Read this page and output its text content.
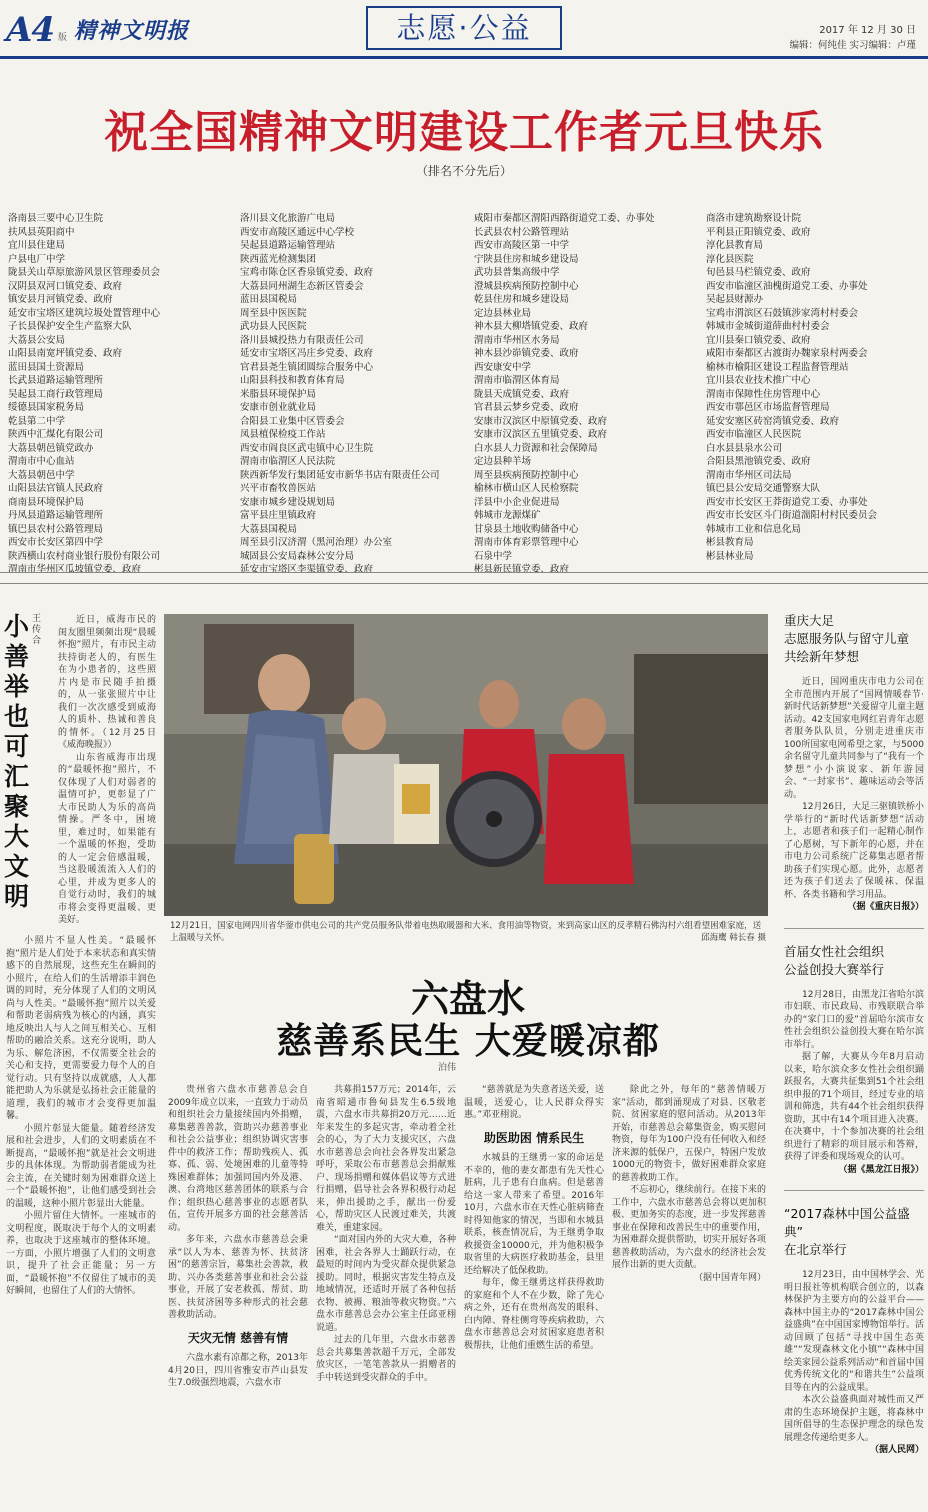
A4 版 精神文明报	志愿·公益	2017 年 12 月 30 日
编辑：何纯佳 实习编辑：卢瑾
祝全国精神文明建设工作者元旦快乐
（排名不分先后）
洛南县三要中心卫生院
扶风县英阳商中
宜川县住建局
户县电厂中学
陇县关山草原旅游风景区管理委员会
汉阴县双河口镇党委、政府
镇安县月河镇党委、政府
延安市宝塔区建筑垃圾处置管理中心
子长县保护安全生产监察大队
大荔县公安局
山阳县南宽坪镇党委、政府
蓝田县国土资源局
长武县道路运输管理所
吴起县工商行政管理局
绥德县国家税务局
乾县第二中学
陕西中汇煤化有限公司
大荔县朝邑镇党政办
渭南市中心血站
大荔县朝邑中学
山阳县法官镇人民政府
商南县环境保护局
丹凤县道路运输管理所
镇巴县农村公路管理局
西安市长安区第四中学
陕西横山农村商业银行股份有限公司
渭南市华州区瓜坡镇党委、政府
洛川县文化旅游广电局
西安市高陵区通远中心学校
吴起县道路运输管理站
陕西蓝光检测集团
宝鸡市陈仓区香泉镇党委、政府
大荔县同州湖生态新区管委会
蓝田县国税局
周至县中医医院
武功县人民医院
洛川县城投热力有限责任公司
延安市宝塔区冯庄乡党委、政府
官君县尧生镇团圆综合服务中心
山阳县科技和教育体育局
米脂县环境保护局
安康市创业就业局
合阳县工业集中区管委会
凤县植保检疫工作站
西安市阎良区武屯镇中心卫生院
渭南市临渭区人民法院
陕西新华发行集团延安市新华书店有限责任公司
兴平市畜牧兽医站
安康市城乡建设规划局
富平县庄里镇政府
大荔县国税局
周至县引汉济渭（黑河治理）办公室
城固县公安局森林公安分局
延安市宝塔区李渠镇党委、政府
咸阳市秦都区渭阳西路街道党工委、办事处
长武县农村公路管理站
西安市高陵区第一中学
宁陕县住房和城乡建设局
武功县普集高级中学
澄城县疾病预防控制中心
乾县住房和城乡建设局
定边县林业局
神木县大柳塔镇党委、政府
渭南市华州区水务局
神木县沙峁镇党委、政府
西安康安中学
渭南市临渭区体育局
陇县天成镇党委、政府
官君县云梦乡党委、政府
安康市汉滨区中原镇党委、政府
安康市汉滨区五里镇党委、政府
白水县人力资源和社会保障局
定边县种羊场
周至县疾病预防控制中心
榆林市横山区人民检察院
洋县中小企业促进局
韩城市龙源煤矿
甘泉县土地收购储备中心
渭南市体育彩票管理中心
石泉中学
彬县新民镇党委、政府
商洛市建筑勘察设计院
平利县正阳镇党委、政府
淳化县教育局
淳化县医院
旬邑县马栏镇党委、政府
西安市临潼区油槐街道党工委、办事处
吴起县财源办
宝鸡市渭滨区石鼓镇涉家湾村村委会
韩城市金城街道薛曲村村委会
宜川县秦口镇党委、政府
咸阳市秦都区古渡街办魏家泉村两委会
榆林市榆阳区建设工程监督管理站
宜川县农业技术推广中心
渭南市保障性住房管理中心
西安市鄠邑区市场监督管理局
延安安塞区砖窑湾镇党委、政府
西安市临潼区人民医院
白水县县泉水公司
合阳县黑池镇党委、政府
渭南市华州区司法局
镇巴县公安局交通警察大队
西安市长安区王莽街道党工委、办事处
西安市长安区斗门街道湍阳村村民委员会
韩城市工业和信息化局
彬县教育局
彬县林业局
小善举也可汇聚大文明
王传合

近日，威海市民的闺友圈里频频出现“晨暖怀抱”照片，有市民主动扶持街老人的，有医生在为小患者的，这些照片内是市民随手拍摄的，从一张张照片中让我们一次次感受到威海人的质朴、热诚和善良的情怀。（12月25日《威海晚报》）

山东省威海市出现的“最暖怀抱”照片，不仅体现了人们对弱者的温情可护，更彰显了广大市民助人为乐的高尚情操。严冬中，困境里，难过时，如果能有一个温暖的怀抱，受助的人一定会倍感温暖，当这股暖流流入人们的心里，并成为更多人的自觉行动时，我们的城市将会变得更温暖、更美好。

小照片不显人性美。“最暖怀抱”照片是人们处于本来状态和真实情感下的自然展现，这些充生在瞬间的小照片，在给人们的生活增添丰润色调的同时，充分体现了人们的文明风尚与人性美。“最暖怀抱”照片以关爱和帮助老弱病残为核心的内涵，真实地反映出人与人之间互相关心、互相帮助的融洽关系。这充分说明，助人为乐、解危济困，不仅需要全社会的关心和支持，更需要爱力每个人的自觉行动。只有坚持以成就感，人人都能把助人为乐就是弘扬社会正能量的道理，我们的城市才会变得更加温馨。

小照片彰显大能量。随着经济发展和社会进步，人们的文明素质在不断提高，“最暖怀抱”就是社会文明进步的具体体现。为帮助弱者能成为社会主流，在关键时刻为困难群众送上一个“最暖怀抱”，让他们感受到社会的温暖，这种小照片彰显出大能量。

小照片留住大情怀。一座城市的文明程度，既取决于每个人的文明素养，也取决于这座城市的整体环境。一方面，小照片增强了人们的文明意识，提升了社会正能量；另一方面，“最暖怀抱”不仅留住了城市的美好瞬间，也留住了人们的大情怀。

12月21日，国家电网四川省华蓥市供电公司的共产党员服务队带着电热取暖器和大米、食用油等物资，来到高家山区的反孝精石佛沟村六组看望困难家庭，送上温暖与关怀。	邱海鹰 韩长春 摄
六盘水
慈善系民生 大爱暖凉都
泊伟

贵州省六盘水市慈善总会自2009年成立以来，一直致力于动员和组织社会力量接续国内外捐赠，募集慈善善款，资助兴办慈善事业和社会公益事业；组织协调灾害事件中的救济工作；帮助残疾人、孤寡、孤、弱、处境困难的儿童等特殊困难群体；加强同国内外及港、澳、台湾地区慈善团体的联系与合作；组织热心慈善事业的志愿者队伍，宣传开展多方面的社会慈善活动。

多年来，六盘水市慈善总会秉承“以人为本、慈善为怀、扶贫济困”的慈善宗旨，募集社会善款，救助、兴办各类慈善事业和社会公益事业，开展了安老救孤、帮贫、助医、扶贫济困等多种形式的社会慈善救助活动。

天灾无情 慈善有情

六盘水素有凉都之称，2013年4月20日，四川省雅安市芦山县发生7.0级强烈地震，六盘水市

共募捐157万元；2014年，云南省昭通市鲁甸县发生6.5级地震，六盘水市共募捐20万元……近年来发生的多起灾害，牵动着全社会的心，为了大力支援灾区，六盘水市慈善总会向社会各界发出紧急呼吁，采取公布市慈善总会捐献账户、现场捐赠和媒体倡议等方式进行捐赠，倡导社会各界积极行动起来，伸出援助之手，献出一份爱心，帮助灾区人民渡过难关，共渡难关，重建家园。

“面对国内外的大灾大难，各种困难，社会各界人士踊跃行动，在最短的时间内为受灾群众提供紧急援助。同时，根据灾害发生特点及地域情况，还适时开展了各种包括衣物、被褥、粮油等救灾物资。”六盘水市慈善总会办公室主任邱亚栩说道。

过去的几年里，六盘水市慈善总会共募集善款超千万元，全部发放灾区，一笔笔善款从一捐赠者的手中转送到受灾群众的手中。

“慈善就是为失意者送关爱，送温暖，送爱心，让人民群众得实惠。”邓亚栩说。

助医助困 情系民生

水城县的王继勇一家的命运是不幸的，他的妻女都患有先天性心脏病，儿子患有白血病。但是慈善给这一家人带来了希望。2016年10月，六盘水市在天性心脏病筛查时得知他家的情况，当即和水城县联系，核查情况后，为王继勇争取救援资金10000元，并为他积极争取省里的大病医疗救助基金，县里还给解决了低保救助。

每年，像王继勇这样获得救助的家庭和个人不在少数，除了先心病之外，还有在贵州高发的眼科、白内障、脊柱侧弯等疾病救助，六盘水市慈善总会对贫困家庭患者积极帮扶，让他们重燃生活的希望。

除此之外，每年的“慈善情暖万家”活动，都到涌现成了对县、区敬老院、贫困家庭的慰问活动。从2013年开始，市慈善总会募集资金，购买慰问物资，每年为100户没有任何收入和经济来源的低保户，五保户，特困户发放1000元的物资卡，做好困难群众家庭的慈善救助工作。

不忘初心，继续前行。在接下来的工作中，六盘水市慈善总会将以更加积极、更加务实的态度，进一步发挥慈善事业在保障和改善民生中的重要作用，为困难群众提供帮助，切实开展好各项慈善救助活动，为六盘水的经济社会发展作出新的更大贡献。

（据中国青年网）

重庆大足
志愿服务队与留守儿童
共绘新年梦想

近日，国网重庆市电力公司在全市范围内开展了“国网情暖春节·新时代话新梦想”关爱留守儿童主题活动。42支国家电网红岩青年志愿者服务队队员，分别走进重庆市100所国家电网希望之家，与5000余名留守儿童共同参与了“我有一个梦想”小小演说家、新年游园会、“一封家书”、趣味运动会等活动。

12月26日，大足三驱镇铁桥小学举行的“新时代话新梦想”活动上，志愿者和孩子们一起精心制作了心愿树，写下新年的心愿，并在市电力公司系统广泛募集志愿者帮助孩子们实现心愿。此外，志愿者还为孩子们送去了保暖袜、保温杯、各类书籍和学习用品。

（据《重庆日报》）

首届女性社会组织
公益创投大赛举行

12月28日，由黑龙江省哈尔滨市妇联、市民政局、市残联联合举办的“家门口的爱”首届哈尔滨市女性社会组织公益创投大赛在哈尔滨市举行。

据了解，大赛从今年8月启动以来，哈尔滨众多女性社会组织踊跃报名，大赛共征集到51个社会组织申报的71个项目，经过专业的培训和筛选，共有44个社会组织获得资助，其中有14个项目进入决赛。在决赛中，十个参加决赛的社会组织进行了精彩的项目展示和答辩，获得了评委和现场观众的认可。

（据《黑龙江日报》）

“2017森林中国公益盛典”
在北京举行

12月23日，由中国林学会、光明日报社等机构联合创立的，以森林保护为主要方向的公益平台——森林中国主办的“2017森林中国公益盛典”在中国国家博物馆举行。活动回顾了包括“寻找中国生态英雄”“发现森林文化小镇”“森林中国绘美家园公益系列活动”和首届中国优秀传统文化的“和谐共生”公益项目等在内的公益成果。

本次公益盛典面对城性而又严肃的生态环境保护主题，将森林中国所倡导的生态保护理念的绿色发展理念传递给更多人。

（据人民网）
